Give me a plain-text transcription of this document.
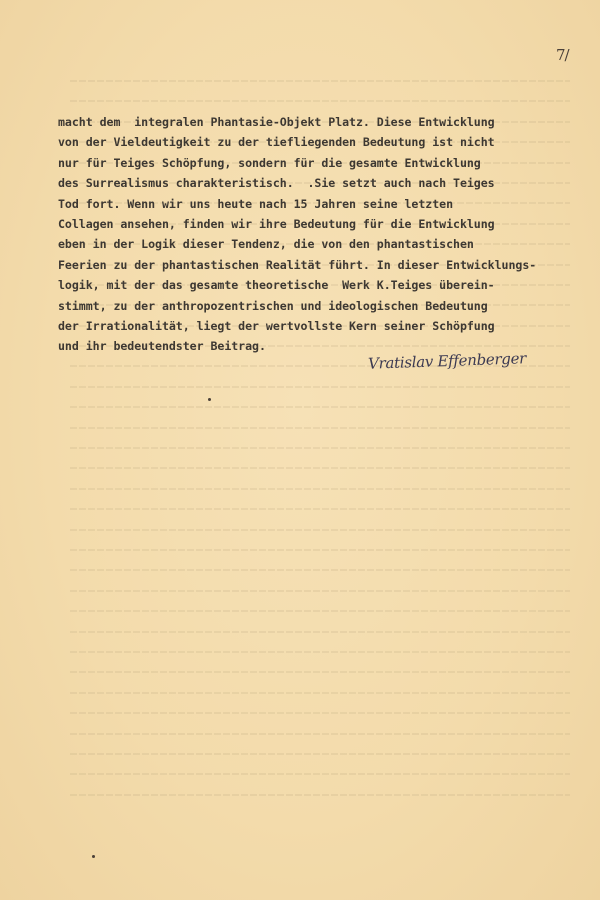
7/
macht dem  integralen Phantasie-Objekt Platz. Diese Entwicklung
von der Vieldeutigkeit zu der tiefliegenden Bedeutung ist nicht
nur für Teiges Schöpfung, sondern für die gesamte Entwicklung
des Surrealismus charakteristisch.  .Sie setzt auch nach Teiges
Tod fort. Wenn wir uns heute nach 15 Jahren seine letzten
Collagen ansehen, finden wir ihre Bedeutung für die Entwicklung
eben in der Logik dieser Tendenz, die von den phantastischen
Feerien zu der phantastischen Realität führt. In dieser Entwicklungs-
logik, mit der das gesamte theoretische  Werk K.Teiges überein-
stimmt, zu der anthropozentrischen und ideologischen Bedeutung
der Irrationalität, liegt der wertvollste Kern seiner Schöpfung
und ihr bedeutendster Beitrag.
Vratislav Effenberger
